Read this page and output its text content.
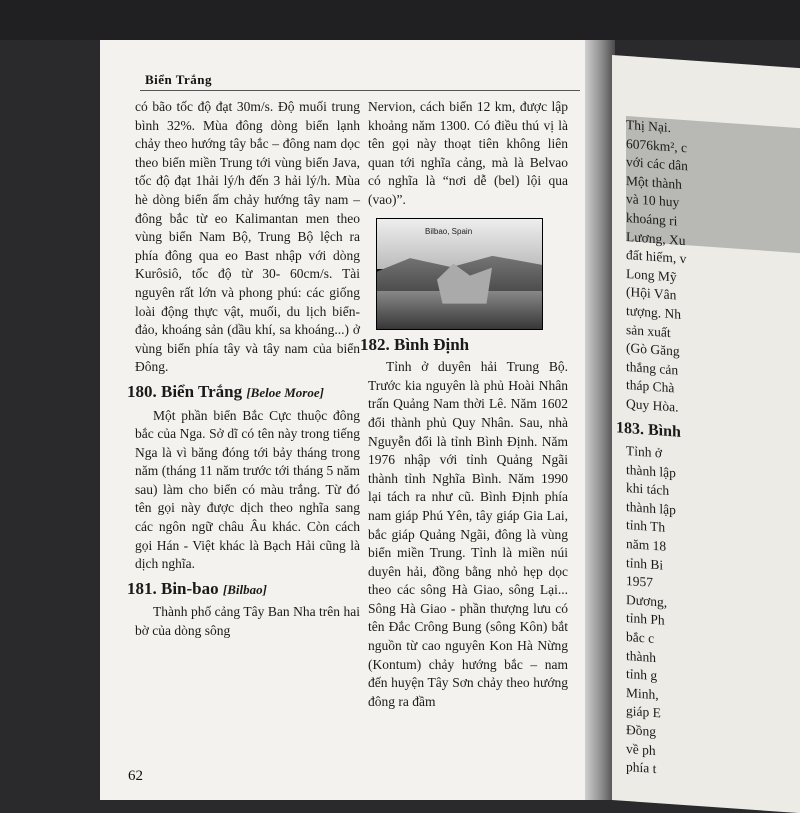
Biển Trắng

có bão tốc độ đạt 30m/s. Độ muối trung bình 32%. Mùa đông dòng biển lạnh chảy theo hướng tây bắc – đông nam dọc theo biển miền Trung tới vùng biển Java, tốc độ đạt 1hải lý/h đến 3 hải lý/h. Mùa hè dòng biển ấm chảy hướng tây nam – đông bắc từ eo Kalimantan men theo vùng biển Nam Bộ, Trung Bộ lệch ra phía đông qua eo Bast nhập với dòng Kurôsiô, tốc độ từ 30- 60cm/s. Tài nguyên rất lớn và phong phú: các giống loài động thực vật, muối, du lịch biển- đảo, khoáng sản (dầu khí, sa khoáng...) ở vùng biển phía tây và tây nam của biển Đông.

180. Biển Trắng [Beloe Moroe]

Một phần biển Bắc Cực thuộc đông bắc của Nga. Sở dĩ có tên này trong tiếng Nga là vì băng đóng tới bảy tháng trong năm (tháng 11 năm trước tới tháng 5 năm sau) làm cho biển có màu trắng. Từ đó tên gọi này được dịch theo nghĩa sang các ngôn ngữ châu Âu khác. Còn cách gọi Hán - Việt khác là Bạch Hải cũng là dịch nghĩa.

181. Bin-bao [Bilbao]

Thành phố cảng Tây Ban Nha trên hai bờ của dòng sông

Nervion, cách biển 12 km, được lập khoảng năm 1300. Có điều thú vị là tên gọi này thoạt tiên không liên quan tới nghĩa cảng, mà là Belvao có nghĩa là “nơi dễ (bel) lội qua (vao)”.

Bilbao, Spain
182. Bình Định

Tỉnh ở duyên hải Trung Bộ. Trước kia nguyên là phủ Hoài Nhân trấn Quảng Nam thời Lê. Năm 1602 đổi thành phủ Quy Nhân. Sau, nhà Nguyễn đổi là tỉnh Bình Định. Năm 1976 nhập với tỉnh Quảng Ngãi thành tỉnh Nghĩa Bình. Năm 1990 lại tách ra như cũ. Bình Định phía nam giáp Phú Yên, tây giáp Gia Lai, bắc giáp Quảng Ngãi, đông là vùng biển miền Trung. Tỉnh là miền núi duyên hải, đồng bằng nhỏ hẹp dọc theo các sông Hà Giao, sông Lại... Sông Hà Giao - phần thượng lưu có tên Đắc Crông Bung (sông Kôn) bắt nguồn từ cao nguyên Kon Hà Nừng (Kontum) chảy hướng bắc – nam đến huyện Tây Sơn chảy theo hướng đông ra đầm

62
Thị Nại.
6076km², c
với các dân
Một thành
và 10 huy
khoáng ri
Lương, Xu
đất hiếm, v
Long Mỹ
(Hội Vân
tượng. Nh
sản xuất
(Gò Găng
thắng cản
tháp Chà
Quy Hòa.
183. Bình
Tỉnh ở
thành lập
khi tách
thành lập
tỉnh Th
năm 18
tỉnh Bi
1957
Dương,
tỉnh Ph
bắc c
thành
tỉnh g
Minh,
giáp E
Đồng
về ph
phía t
